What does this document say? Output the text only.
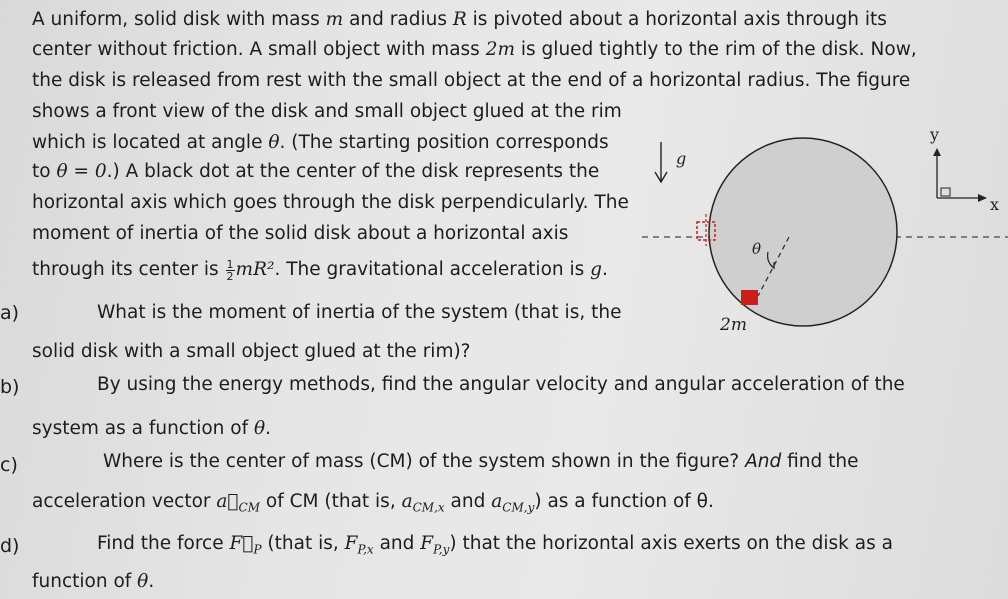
A uniform, solid disk with mass m and radius R is pivoted about a horizontal axis through its
center without friction. A small object with mass 2m is glued tightly to the rim of the disk. Now,
the disk is released from rest with the small object at the end of a horizontal radius. The figure
shows a front view of the disk and small object glued at the rim
which is located at angle θ. (The starting position corresponds
to θ = 0.) A black dot at the center of the disk represents the
horizontal axis which goes through the disk perpendicularly. The
moment of inertia of the solid disk about a horizontal axis
through its center is $\frac{1}{2} mR^2$. The gravitational acceleration is g.
a)	What is the moment of inertia of the system (that is, the
solid disk with a small object glued at the rim)?
b)	By using the energy methods, find the angular velocity and angular acceleration of the
system as a function of θ.
c)	Where is the center of mass (CM) of the system shown in the figure? And find the
acceleration vector $a⃗_{CM}$ of CM (that is, $a_{CM,x}$ and $a_{CM,y}$) as a function of θ.
d)	Find the force $F⃗_P$ (that is, $F_{P,x}$ and $F_{P,y}$) that the horizontal axis exerts on the disk as a
function of θ.
g
θ
2m
y
x
